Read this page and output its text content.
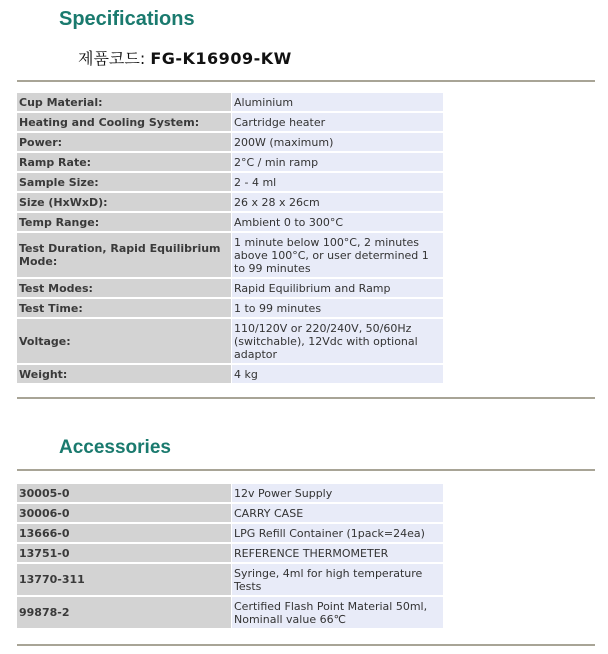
Specifications
제품코드: FG-K16909-KW
Cup Material:	Aluminium
Heating and Cooling System:	Cartridge heater
Power:	200W (maximum)
Ramp Rate:	2°C / min ramp
Sample Size:	2 - 4 ml
Size (HxWxD):	26 x 28 x 26cm
Temp Range:	Ambient 0 to 300°C
Test Duration, Rapid Equilibrium Mode:	1 minute below 100°C, 2 minutes above 100°C, or user determined 1 to 99 minutes
Test Modes:	Rapid Equilibrium and Ramp
Test Time:	1 to 99 minutes
Voltage:	110/120V or 220/240V, 50/60Hz (switchable), 12Vdc with optional adaptor
Weight:	4 kg
Accessories
30005-0	12v Power Supply
30006-0	CARRY CASE
13666-0	LPG Refill Container (1pack=24ea)
13751-0	REFERENCE THERMOMETER
13770-311	Syringe, 4ml for high temperature Tests
99878-2	Certified Flash Point Material 50ml, Nominall value 66℃
